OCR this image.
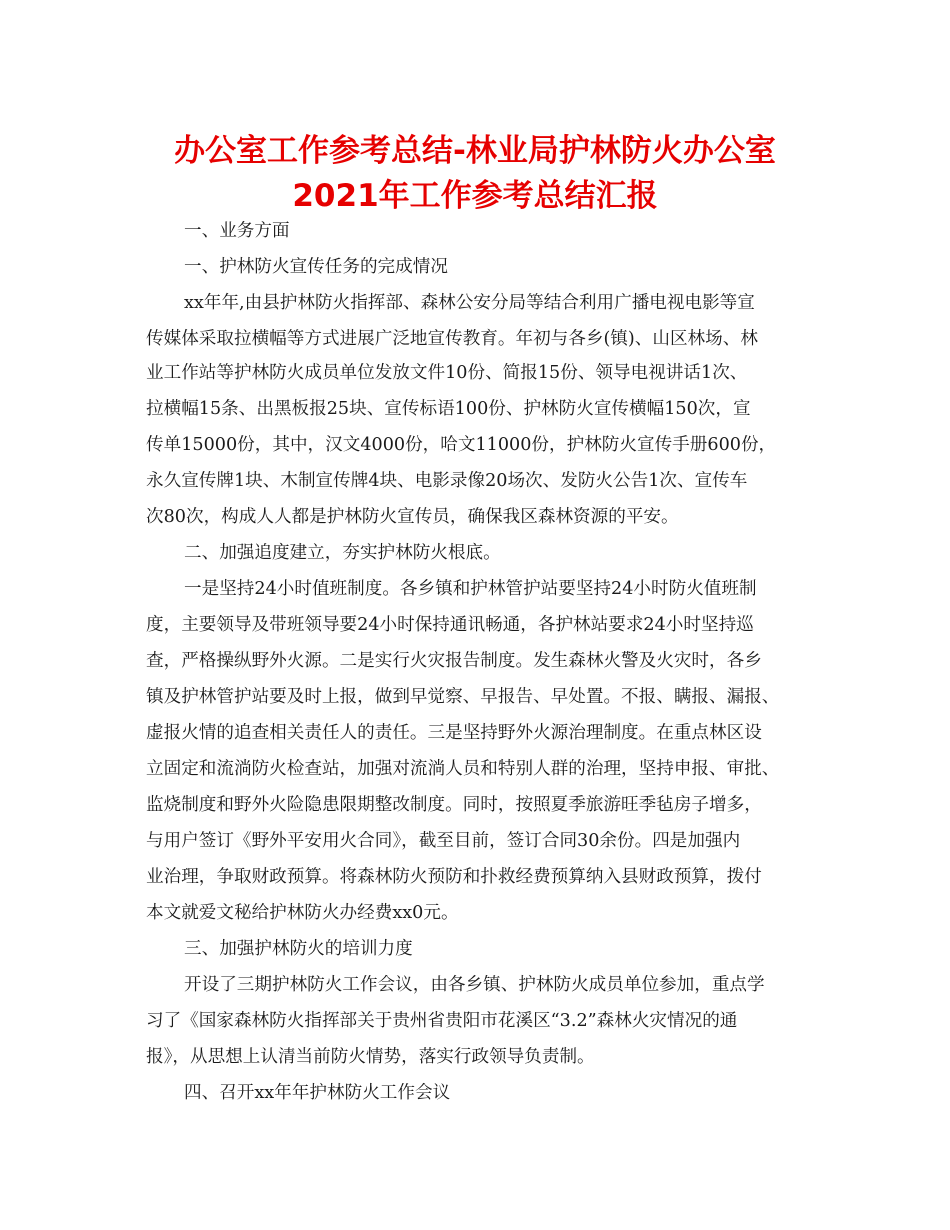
办公室工作参考总结-林业局护林防火办公室
2021年工作参考总结汇报
一、业务方面
一、护林防火宣传任务的完成情况
xx年年,由县护林防火指挥部、森林公安分局等结合利用广播电视电影等宣
传媒体采取拉横幅等方式进展广泛地宣传教育。年初与各乡(镇)、山区林场、林
业工作站等护林防火成员单位发放文件10份、简报15份、领导电视讲话1次、
拉横幅15条、出黑板报25块、宣传标语100份、护林防火宣传横幅150次，宣
传单15000份，其中，汉文4000份，哈文11000份，护林防火宣传手册600份，
永久宣传牌1块、木制宣传牌4块、电影录像20场次、发防火公告1次、宣传车
次80次，构成人人都是护林防火宣传员，确保我区森林资源的平安。
二、加强追度建立，夯实护林防火根底。
一是坚持24小时值班制度。各乡镇和护林管护站要坚持24小时防火值班制
度，主要领导及带班领导要24小时保持通讯畅通，各护林站要求24小时坚持巡
查，严格操纵野外火源。二是实行火灾报告制度。发生森林火警及火灾时，各乡
镇及护林管护站要及时上报，做到早觉察、早报告、早处置。不报、瞒报、漏报、
虚报火情的追查相关责任人的责任。三是坚持野外火源治理制度。在重点林区设
立固定和流淌防火检查站，加强对流淌人员和特别人群的治理，坚持申报、审批、
监烧制度和野外火险隐患限期整改制度。同时，按照夏季旅游旺季毡房子增多，
与用户签订《野外平安用火合同》，截至目前，签订合同30余份。四是加强内
业治理，争取财政预算。将森林防火预防和扑救经费预算纳入县财政预算，拨付
本文就爱文秘给护林防火办经费xx0元。
三、加强护林防火的培训力度
开设了三期护林防火工作会议，由各乡镇、护林防火成员单位参加，重点学
习了《国家森林防火指挥部关于贵州省贵阳市花溪区“3.2”森林火灾情况的通
报》，从思想上认清当前防火情势，落实行政领导负责制。
四、召开xx年年护林防火工作会议
